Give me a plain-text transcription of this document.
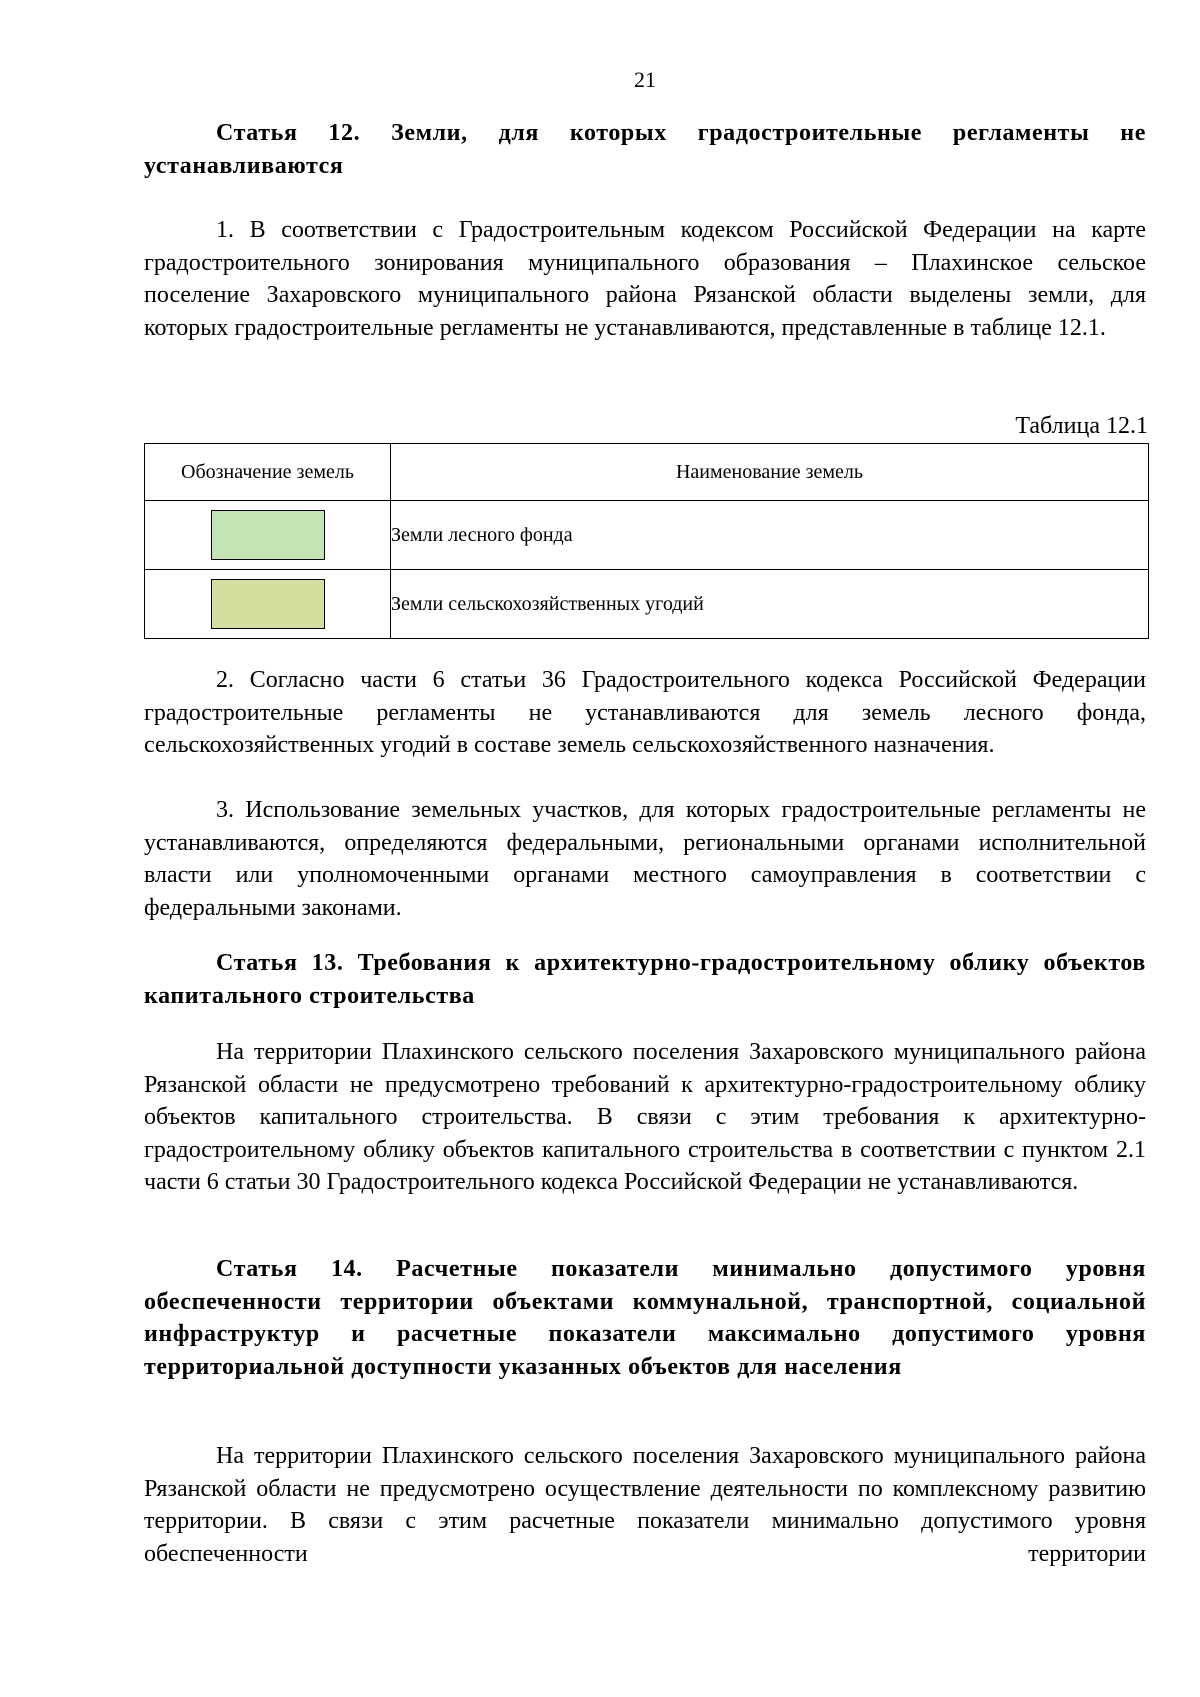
21
Статья 12. Земли, для которых градостроительные регламенты не устанавливаются
1. В соответствии с Градостроительным кодексом Российской Федерации на карте градостроительного зонирования муниципального образования – Плахинское сельское поселение Захаровского муниципального района Рязанской области выделены земли, для которых градостроительные регламенты не устанавливаются, представленные в таблице 12.1.
Таблица 12.1
Обозначение земель	Наименование земель
	Земли лесного фонда
	Земли сельскохозяйственных угодий
2. Согласно части 6 статьи 36 Градостроительного кодекса Российской Федерации градостроительные регламенты не устанавливаются для земель лесного фонда, сельскохозяйственных угодий в составе земель сельскохозяйственного назначения.
3. Использование земельных участков, для которых градостроительные регламенты не устанавливаются, определяются федеральными, региональными органами исполнительной власти или уполномоченными органами местного самоуправления в соответствии с федеральными законами.
Статья 13. Требования к архитектурно-градостроительному облику объектов капитального строительства
На территории Плахинского сельского поселения Захаровского муниципального района Рязанской области не предусмотрено требований к архитектурно-градостроительному облику объектов капитального строительства. В связи с этим требования к архитектурно-градостроительному облику объектов капитального строительства в соответствии с пунктом 2.1 части 6 статьи 30 Градостроительного кодекса Российской Федерации не устанавливаются.
Статья 14. Расчетные показатели минимально допустимого уровня обеспеченности территории объектами коммунальной, транспортной, социальной инфраструктур и расчетные показатели максимально допустимого уровня территориальной доступности указанных объектов для населения
На территории Плахинского сельского поселения Захаровского муниципального района Рязанской области не предусмотрено осуществление деятельности по комплексному развитию территории. В связи с этим расчетные показатели минимально допустимого уровня обеспеченности территории
